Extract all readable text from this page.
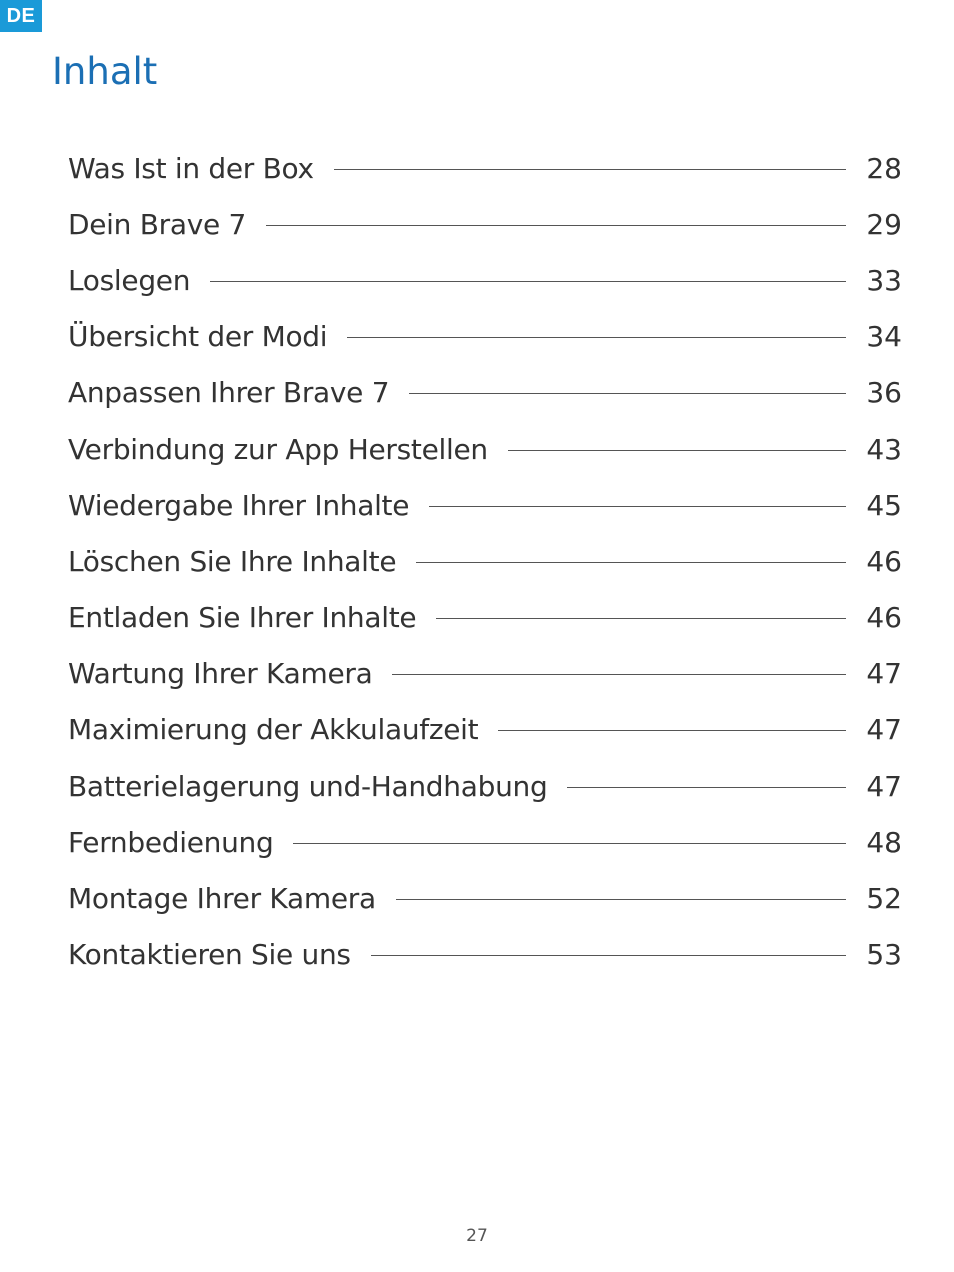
DE
Inhalt
Was Ist in der Box	28
Dein Brave 7	29
Loslegen	33
Übersicht der Modi	34
Anpassen Ihrer Brave 7	36
Verbindung zur App Herstellen	43
Wiedergabe Ihrer Inhalte	45
Löschen Sie Ihre Inhalte	46
Entladen Sie Ihrer Inhalte	46
Wartung Ihrer Kamera	47
Maximierung der Akkulaufzeit	47
Batterielagerung und-Handhabung	47
Fernbedienung	48
Montage Ihrer Kamera	52
Kontaktieren Sie uns	53
27
